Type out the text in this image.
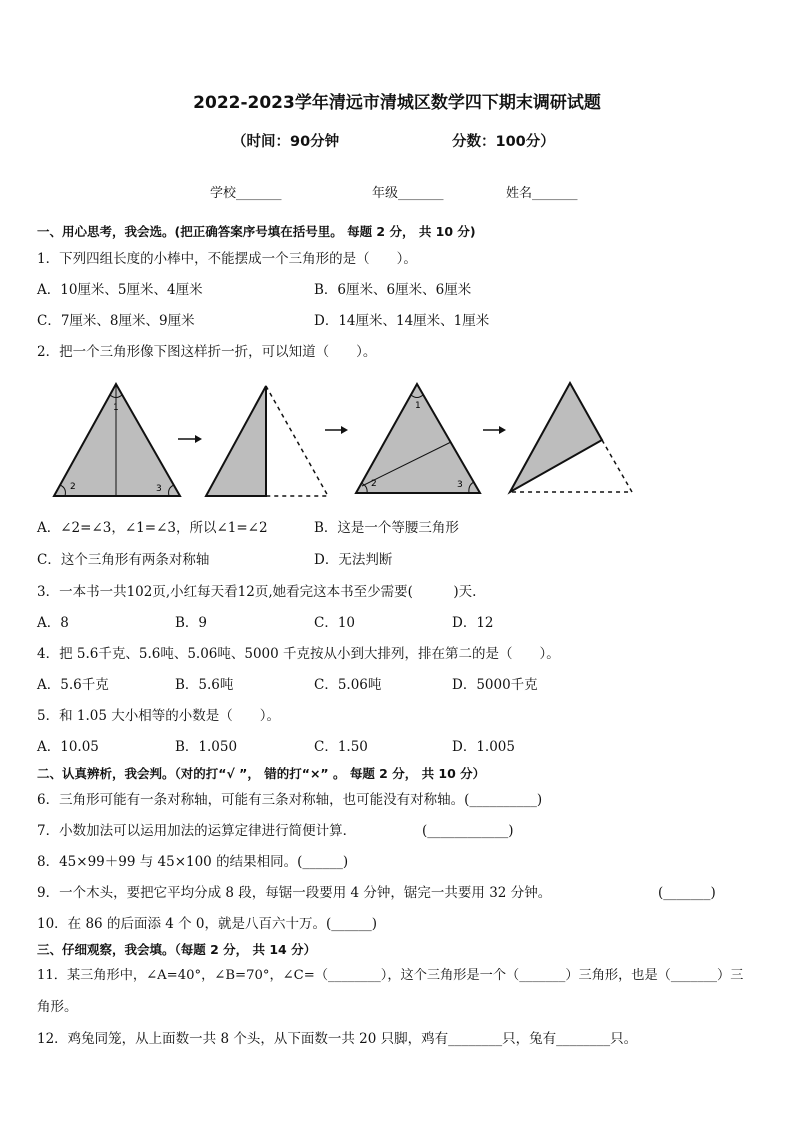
2022-2023学年清远市清城区数学四下期末调研试题
（时间：90分钟	分数：100分）
学校_______	年级_______	姓名_______
一、用心思考，我会选。(把正确答案序号填在括号里。 每题 2 分， 共 10 分)
1．下列四组长度的小棒中，不能摆成一个三角形的是（　　）。
A．10厘米、5厘米、4厘米	B．6厘米、6厘米、6厘米
C．7厘米、8厘米、9厘米	D．14厘米、14厘米、1厘米
2．把一个三角形像下图这样折一折，可以知道（　　）。
1
2	3
1
2	3
A．∠2=∠3，∠1=∠3，所以∠1=∠2	B．这是一个等腰三角形
C．这个三角形有两条对称轴	D．无法判断
3．一本书一共102页,小红每天看12页,她看完这本书至少需要(　　　)天.
A．8	B．9	C．10	D．12
4．把 5.6千克、5.6吨、5.06吨、5000 千克按从小到大排列，排在第二的是（　　）。
A．5.6千克	B．5.6吨	C．5.06吨	D．5000千克
5．和 1.05 大小相等的小数是（　　）。
A．10.05	B．1.050	C．1.50	D．1.005
二、认真辨析，我会判。（对的打“√ ”， 错的打“×” 。 每题 2 分， 共 10 分）
6．三角形可能有一条对称轴，可能有三条对称轴，也可能没有对称轴。(__________)
7．小数加法可以运用加法的运算定律进行简便计算．	(____________)
8．45×99＋99 与 45×100 的结果相同。(______)
9．一个木头，要把它平均分成 8 段，每锯一段要用 4 分钟，锯完一共要用 32 分钟。	(_______)
10．在 86 的后面添 4 个 0，就是八百六十万。(______)
三、仔细观察，我会填。（每题 2 分， 共 14 分）
11．某三角形中，∠A=40°，∠B=70°，∠C=（________），这个三角形是一个（_______）三角形，也是（_______）三
角形。
12．鸡兔同笼，从上面数一共 8 个头，从下面数一共 20 只脚，鸡有________只，兔有________只。
